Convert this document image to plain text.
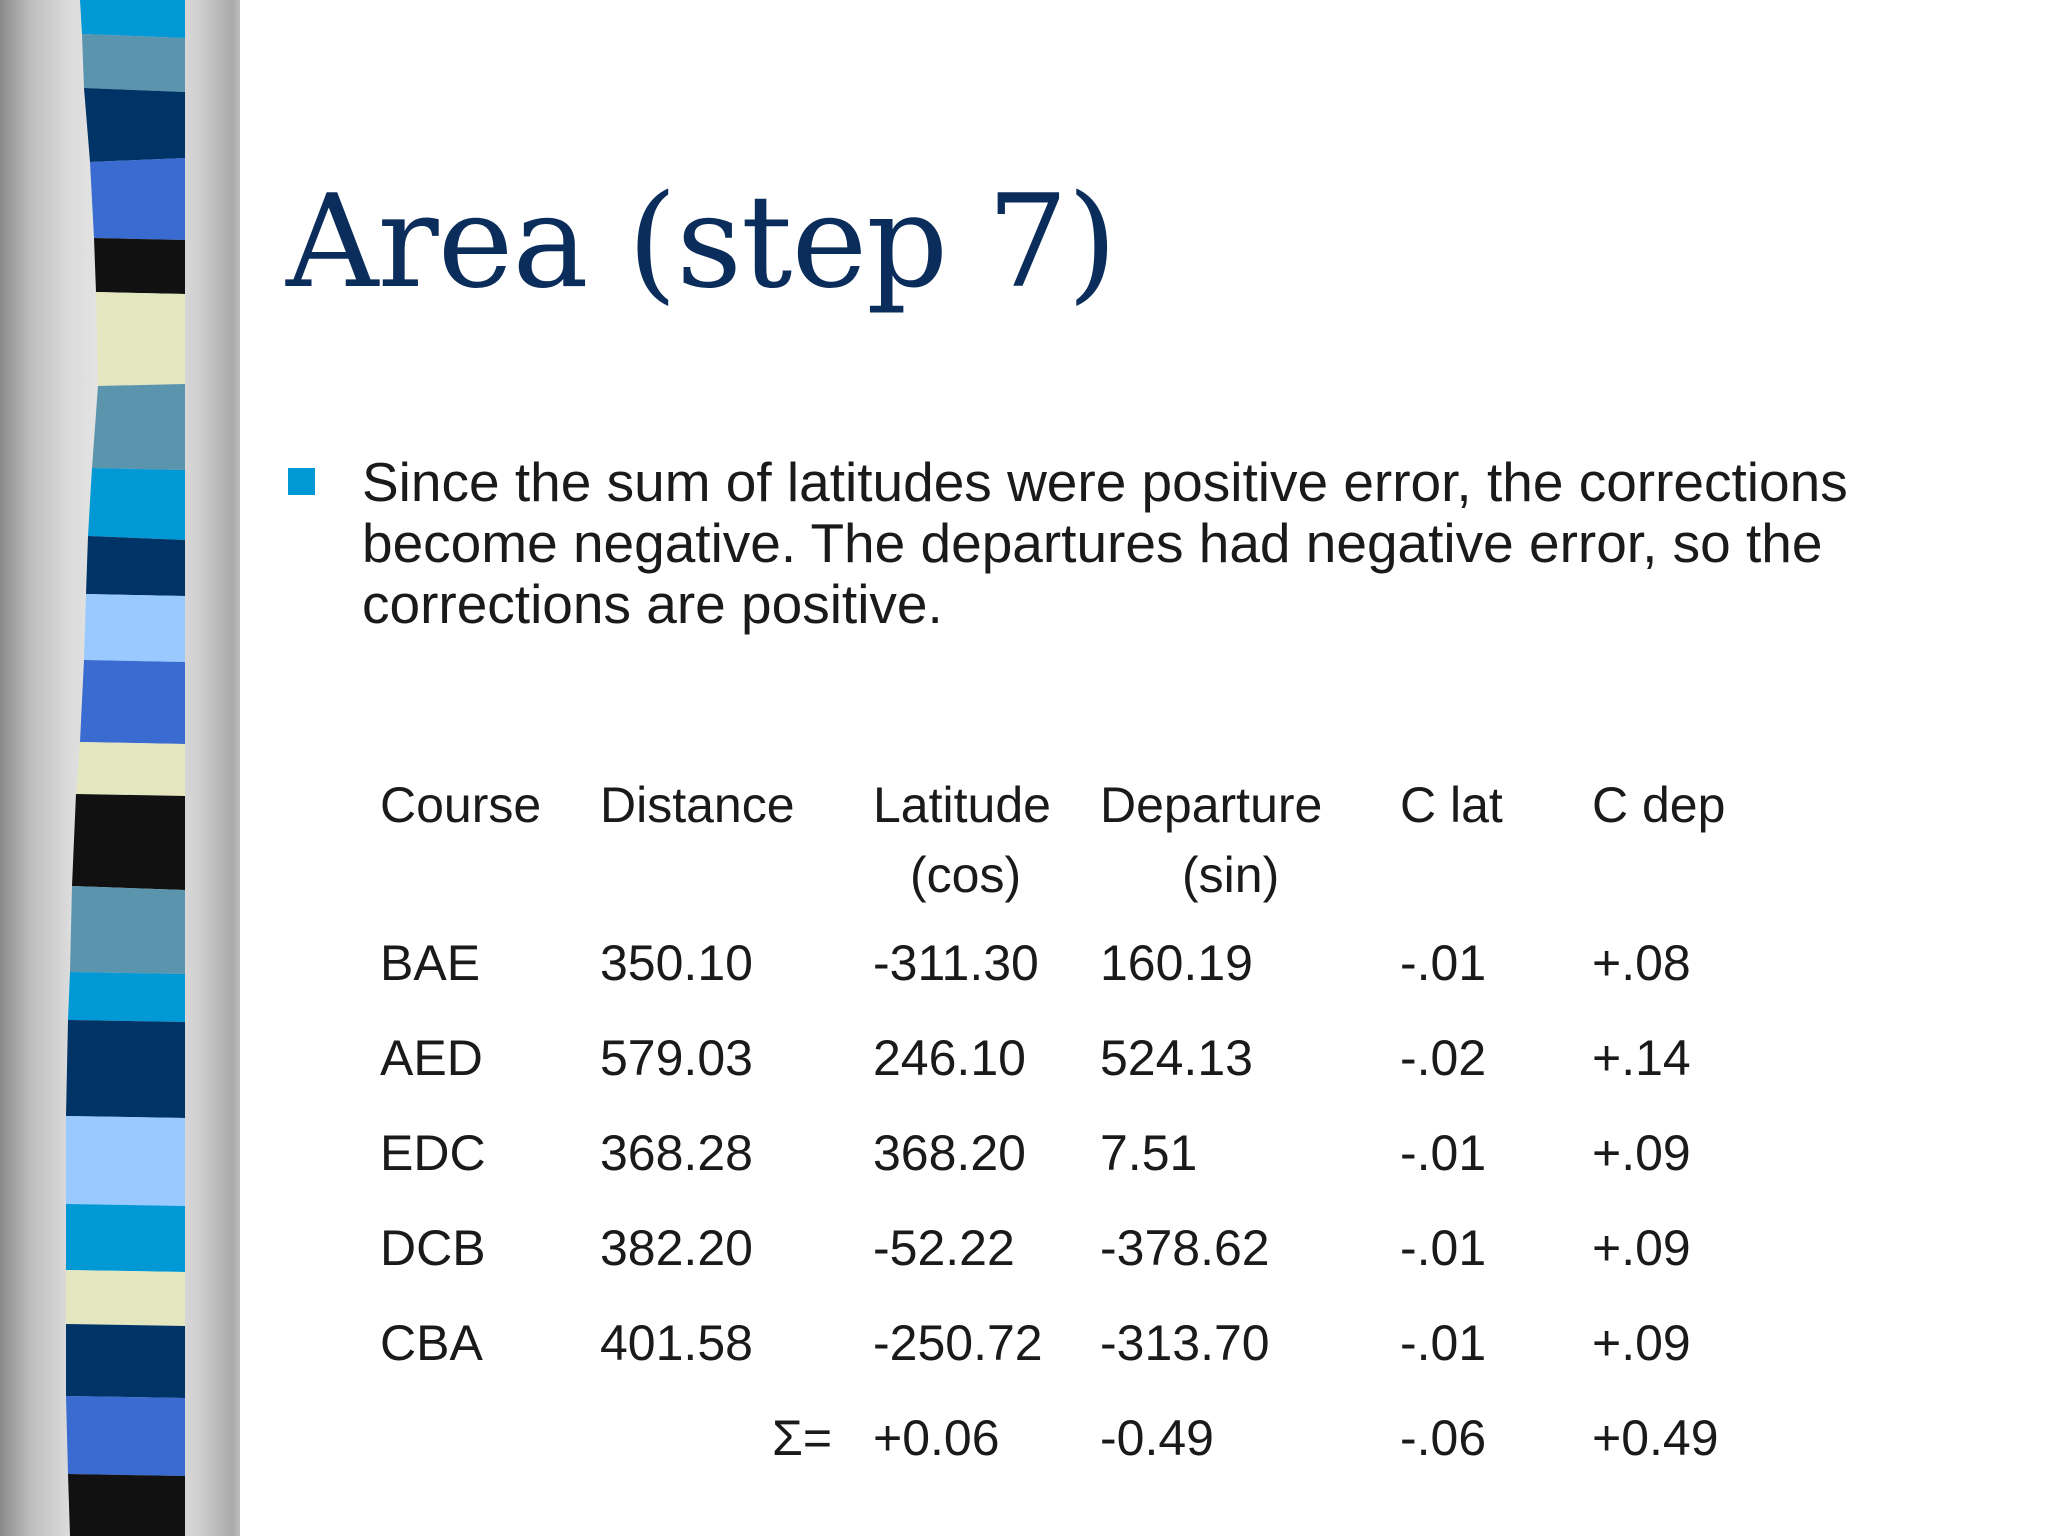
Area (step 7)
Since the sum of latitudes were positive error, the corrections become negative. The departures had negative error, so the corrections are positive.
Course Distance Latitude Departure C lat C dep
(cos)	(sin)
BAE 350.10 -311.30 160.19	-.01 +.08
AED 579.03 246.10 524.13	-.02 +.14
EDC 368.28 368.20 7.51	-.01 +.09
DCB 382.20 -52.22 -378.62	-.01 +.09
CBA 401.58 -250.72 -313.70	-.01 +.09
Σ= +0.06 -0.49	-.06 +0.49
